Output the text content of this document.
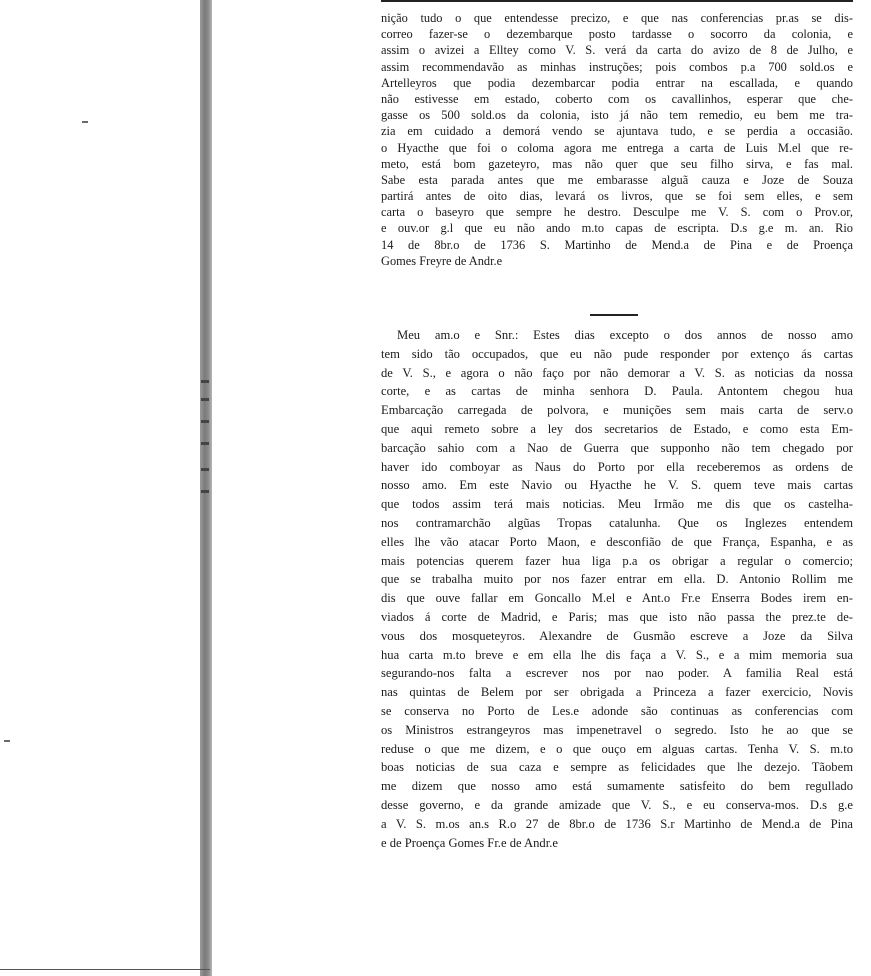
nição tudo o que entendesse precizo, e que nas conferencias pr.as se dis-
correo fazer-se o dezembarque posto tardasse o socorro da colonia, e
assim o avizei a Elltey como V. S. verá da carta do avizo de 8 de Julho, e
assim recommendavão as minhas instruções; pois combos p.a 700 sold.os e
Artelleyros que podia dezembarcar podia entrar na escallada, e quando
não estivesse em estado, coberto com os cavallinhos, esperar que che-
gasse os 500 sold.os da colonia, isto já não tem remedio, eu bem me tra-
zia em cuidado a demorá vendo se ajuntava tudo, e se perdia a occasião.
o Hyacthe que foi o coloma agora me entrega a carta de Luis M.el que re-
meto, está bom gazeteyro, mas não quer que seu filho sirva, e fas mal.
Sabe esta parada antes que me embarasse alguã cauza e Joze de Souza
partirá antes de oito dias, levará os livros, que se foi sem elles, e sem
carta o baseyro que sempre he destro. Desculpe me V. S. com o Prov.or,
e ouv.or g.l que eu não ando m.to capas de escripta. D.s g.e m. an. Rio
14 de 8br.o de 1736 S. Martinho de Mend.a de Pina e de Proença
Gomes Freyre de Andr.e
Meu am.o e Snr.: Estes dias excepto o dos annos de nosso amo
tem sido tão occupados, que eu não pude responder por extenço ás cartas
de V. S., e agora o não faço por não demorar a V. S. as noticias da nossa
corte, e as cartas de minha senhora D. Paula. Antontem chegou hua
Embarcação carregada de polvora, e munições sem mais carta de serv.o
que aqui remeto sobre a ley dos secretarios de Estado, e como esta Em-
barcação sahio com a Nao de Guerra que supponho não tem chegado por
haver ido comboyar as Naus do Porto por ella receberemos as ordens de
nosso amo. Em este Navio ou Hyacthe he V. S. quem teve mais cartas
que todos assim terá mais noticias. Meu Irmão me dis que os castelha-
nos contramarchão algũas Tropas catalunha. Que os Inglezes entendem
elles lhe vão atacar Porto Maon, e desconfião de que França, Espanha, e as
mais potencias querem fazer hua liga p.a os obrigar a regular o comercio;
que se trabalha muito por nos fazer entrar em ella. D. Antonio Rollim me
dis que ouve fallar em Goncallo M.el e Ant.o Fr.e Enserra Bodes irem en-
viados á corte de Madrid, e Paris; mas que isto não passa the prez.te de-
vous dos mosqueteyros. Alexandre de Gusmão escreve a Joze da Silva
hua carta m.to breve e em ella lhe dis faça a V. S., e a mim memoria sua
segurando-nos falta a escrever nos por nao poder. A familia Real está
nas quintas de Belem por ser obrigada a Princeza a fazer exercicio, Novis
se conserva no Porto de Les.e adonde são continuas as conferencias com
os Ministros estrangeyros mas impenetravel o segredo. Isto he ao que se
reduse o que me dizem, e o que ouço em alguas cartas. Tenha V. S. m.to
boas noticias de sua caza e sempre as felicidades que lhe dezejo. Tãobem
me dizem que nosso amo está sumamente satisfeito do bem regullado
desse governo, e da grande amizade que V. S., e eu conserva-mos. D.s g.e
a V. S. m.os an.s R.o 27 de 8br.o de 1736 S.r Martinho de Mend.a de Pina
e de Proença Gomes Fr.e de Andr.e
